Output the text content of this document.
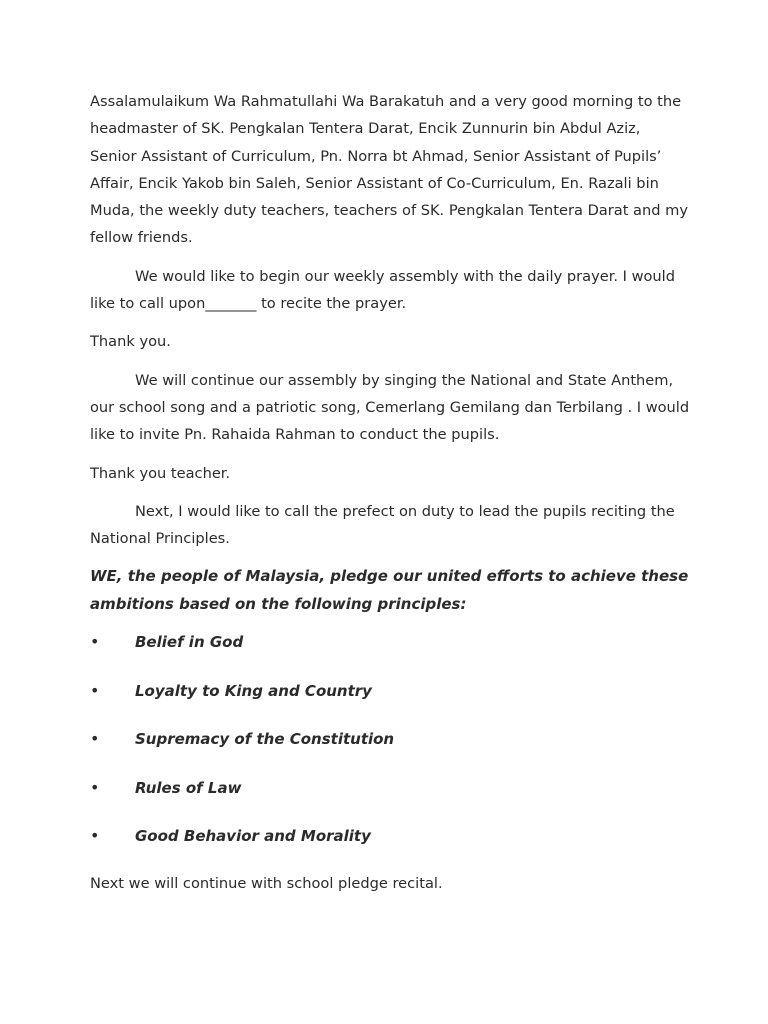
Assalamulaikum Wa Rahmatullahi Wa Barakatuh and a very good morning to the headmaster of SK. Pengkalan Tentera Darat, Encik Zunnurin bin Abdul Aziz, Senior Assistant of Curriculum, Pn. Norra bt Ahmad, Senior Assistant of Pupils’ Affair, Encik Yakob bin Saleh, Senior Assistant of Co-Curriculum, En. Razali bin Muda, the weekly duty teachers, teachers of SK. Pengkalan Tentera Darat and my fellow friends.

We would like to begin our weekly assembly with the daily prayer. I would like to call upon_______ to recite the prayer.

Thank you.

We will continue our assembly by singing the National and State Anthem, our school song and a patriotic song, Cemerlang Gemilang dan Terbilang . I would like to invite Pn. Rahaida Rahman to conduct the pupils.

Thank you teacher.

Next, I would like to call the prefect on duty to lead the pupils reciting the National Principles.

WE, the people of Malaysia, pledge our united efforts to achieve these ambitions based on the following principles:

•	Belief in God
•	Loyalty to King and Country
•	Supremacy of the Constitution
•	Rules of Law
•	Good Behavior and Morality

Next we will continue with school pledge recital.
